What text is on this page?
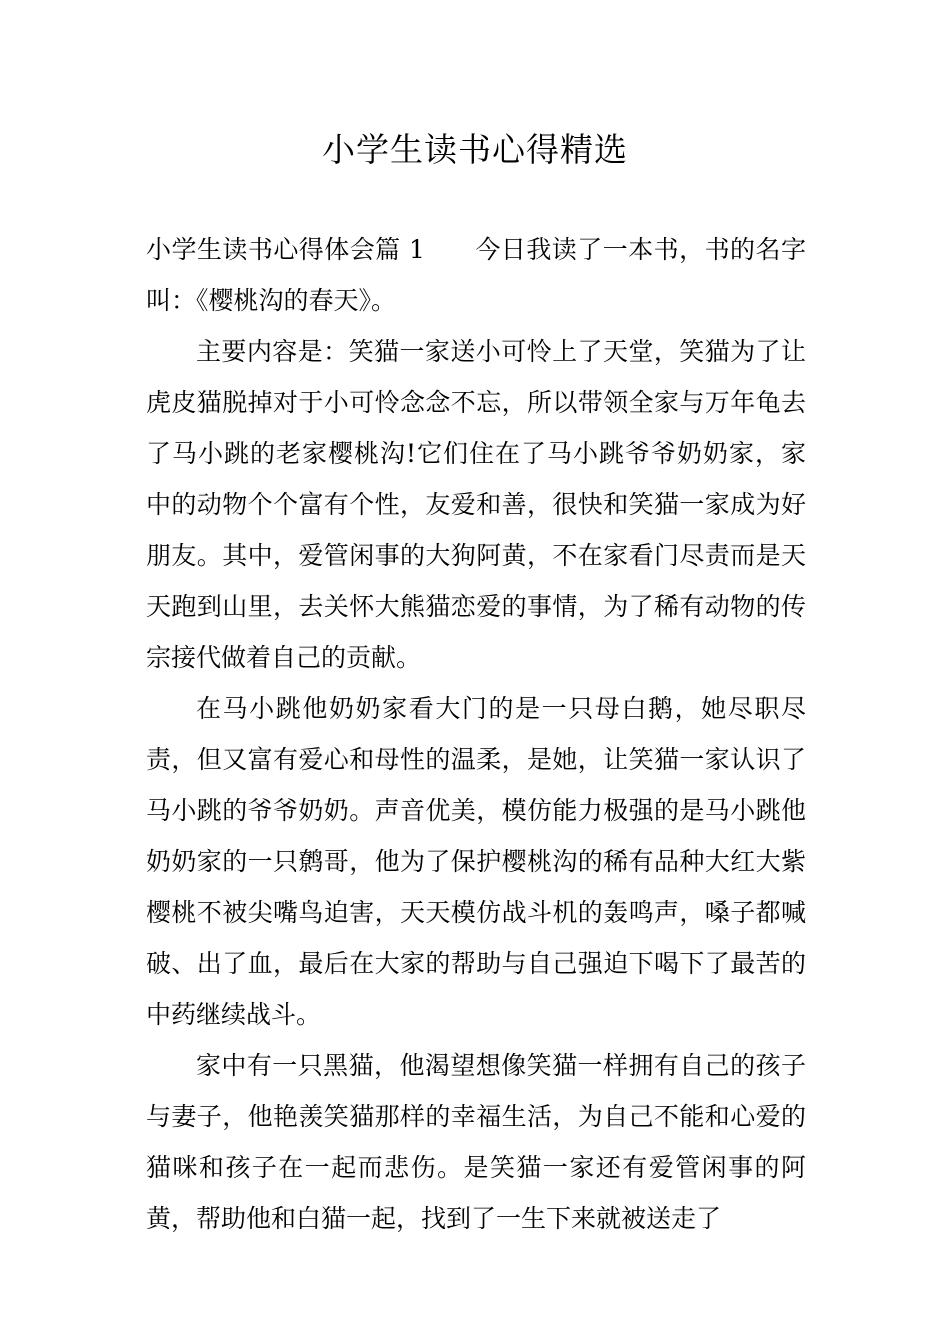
小学生读书心得精选

小学生读书心得体会篇 1 今日我读了一本书，书的名字叫：《樱桃沟的春天》。

主要内容是：笑猫一家送小可怜上了天堂，笑猫为了让虎皮猫脱掉对于小可怜念念不忘，所以带领全家与万年龟去了马小跳的老家樱桃沟!它们住在了马小跳爷爷奶奶家，家中的动物个个富有个性，友爱和善，很快和笑猫一家成为好朋友。其中，爱管闲事的大狗阿黄，不在家看门尽责而是天天跑到山里，去关怀大熊猫恋爱的事情，为了稀有动物的传宗接代做着自己的贡献。

在马小跳他奶奶家看大门的是一只母白鹅，她尽职尽责，但又富有爱心和母性的温柔，是她，让笑猫一家认识了马小跳的爷爷奶奶。声音优美，模仿能力极强的是马小跳他奶奶家的一只鹩哥，他为了保护樱桃沟的稀有品种大红大紫樱桃不被尖嘴鸟迫害，天天模仿战斗机的轰鸣声，嗓子都喊破、出了血，最后在大家的帮助与自己强迫下喝下了最苦的中药继续战斗。

家中有一只黑猫，他渴望想像笑猫一样拥有自己的孩子与妻子，他艳羡笑猫那样的幸福生活，为自己不能和心爱的猫咪和孩子在一起而悲伤。是笑猫一家还有爱管闲事的阿黄，帮助他和白猫一起，找到了一生下来就被送走了
